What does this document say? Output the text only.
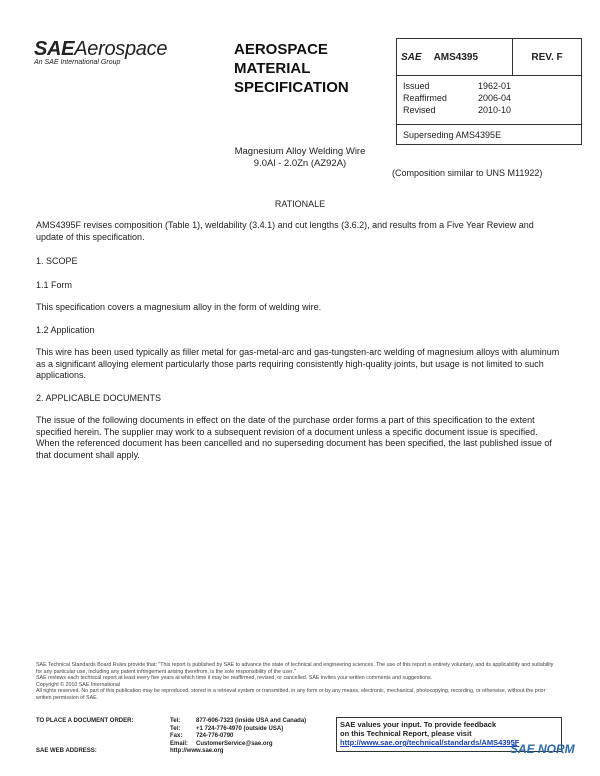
SAEAerospace
An SAE International Group
AEROSPACE
MATERIAL
SPECIFICATION
SAE AMS4395	REV. F
Issued	1962-01
Reaffirmed	2006-04
Revised	2010-10
Superseding AMS4395E
Magnesium Alloy Welding Wire
9.0Al - 2.0Zn (AZ92A)
(Composition similar to UNS M11922)
RATIONALE
AMS4395F revises composition (Table 1), weldability (3.4.1) and cut lengths (3.6.2), and results from a Five Year Review and update of this specification.
1. SCOPE
1.1 Form
This specification covers a magnesium alloy in the form of welding wire.
1.2 Application
This wire has been used typically as filler metal for gas-metal-arc and gas-tungsten-arc welding of magnesium alloys with aluminum as a significant alloying element particularly those parts requiring consistently high-quality joints, but usage is not limited to such applications.
2. APPLICABLE DOCUMENTS
The issue of the following documents in effect on the date of the purchase order forms a part of this specification to the extent specified herein. The supplier may work to a subsequent revision of a document unless a specific document issue is specified. When the referenced document has been cancelled and no superseding document has been specified, the last published issue of that document shall apply.
SAE Technical Standards Board Rules provide that: "This report is published by SAE to advance the state of technical and engineering sciences. The use of this report is entirely voluntary, and its applicability and suitability for any particular use, including any patent infringement arising therefrom, is the sole responsibility of the user."
SAE reviews each technical report at least every five years at which time it may be reaffirmed, revised, or cancelled. SAE invites your written comments and suggestions.
Copyright © 2010 SAE International
All rights reserved. No part of this publication may be reproduced, stored in a retrieval system or transmitted, in any form or by any means, electronic, mechanical, photocopying, recording, or otherwise, without the prior written permission of SAE.
TO PLACE A DOCUMENT ORDER:	Tel:	877-606-7323 (inside USA and Canada)
	Tel:	+1 724-776-4970 (outside USA)
	Fax:	724-776-0790
	Email:	CustomerService@sae.org
SAE WEB ADDRESS:	http://www.sae.org	
SAE values your input. To provide feedback
on this Technical Report, please visit
http://www.sae.org/technical/standards/AMS4395F
SAE NORM
